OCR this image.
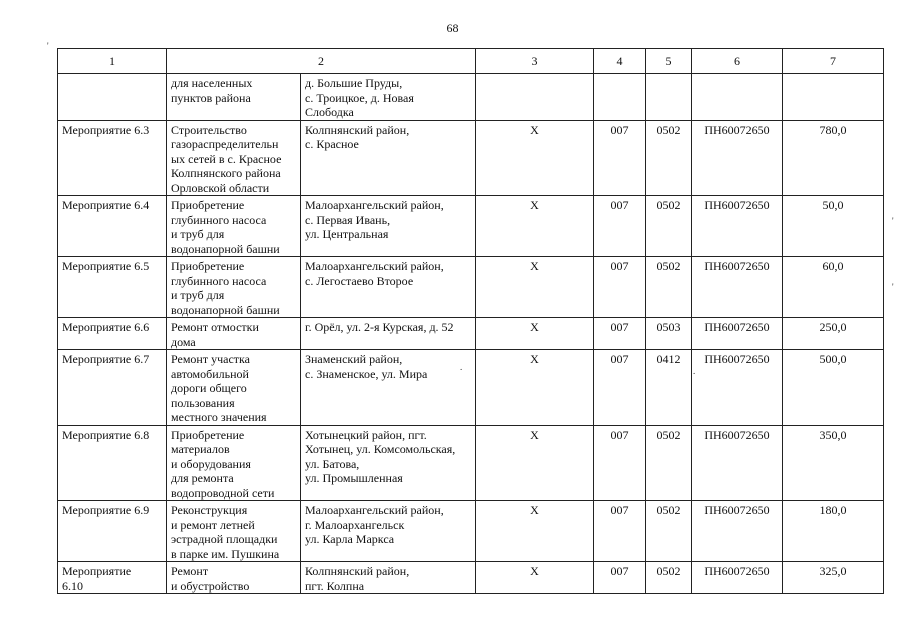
68
'
'
'
.	.
1	2		3	4	5	6	7

	для населенных
пунктов района	д. Большие Пруды,
с. Троицкое, д. Новая
Слободка					

Мероприятие 6.3	Строительство
газораспределительн
ых сетей в с. Красное
Колпнянского района
Орловской области	Колпнянский район,
с. Красное	X	007	0502	ПН60072650	780,0

Мероприятие 6.4	Приобретение
глубинного насоса
и труб для
водонапорной башни	Малоархангельский район,
с. Первая Ивань,
ул. Центральная	X	007	0502	ПН60072650	50,0

Мероприятие 6.5	Приобретение
глубинного насоса
и труб для
водонапорной башни	Малоархангельский район,
с. Легостаево Второе	X	007	0502	ПН60072650	60,0

Мероприятие 6.6	Ремонт отмостки
дома	г. Орёл, ул. 2-я Курская, д. 52	X	007	0503	ПН60072650	250,0

Мероприятие 6.7	Ремонт участка
автомобильной
дороги общего
пользования
местного значения	Знаменский район,
с. Знаменское, ул. Мира	X	007	0412	ПН60072650	500,0

Мероприятие 6.8	Приобретение
материалов
и оборудования
для ремонта
водопроводной сети	Хотынецкий район, пгт.
Хотынец, ул. Комсомольская,
ул. Батова,
ул. Промышленная	X	007	0502	ПН60072650	350,0

Мероприятие 6.9	Реконструкция
и ремонт летней
эстрадной площадки
в парке им. Пушкина	Малоархангельский район,
г. Малоархангельск
ул. Карла Маркса	X	007	0502	ПН60072650	180,0

Мероприятие
6.10	Ремонт
и обустройство	Колпнянский район,
пгт. Колпна	X	007	0502	ПН60072650	325,0
